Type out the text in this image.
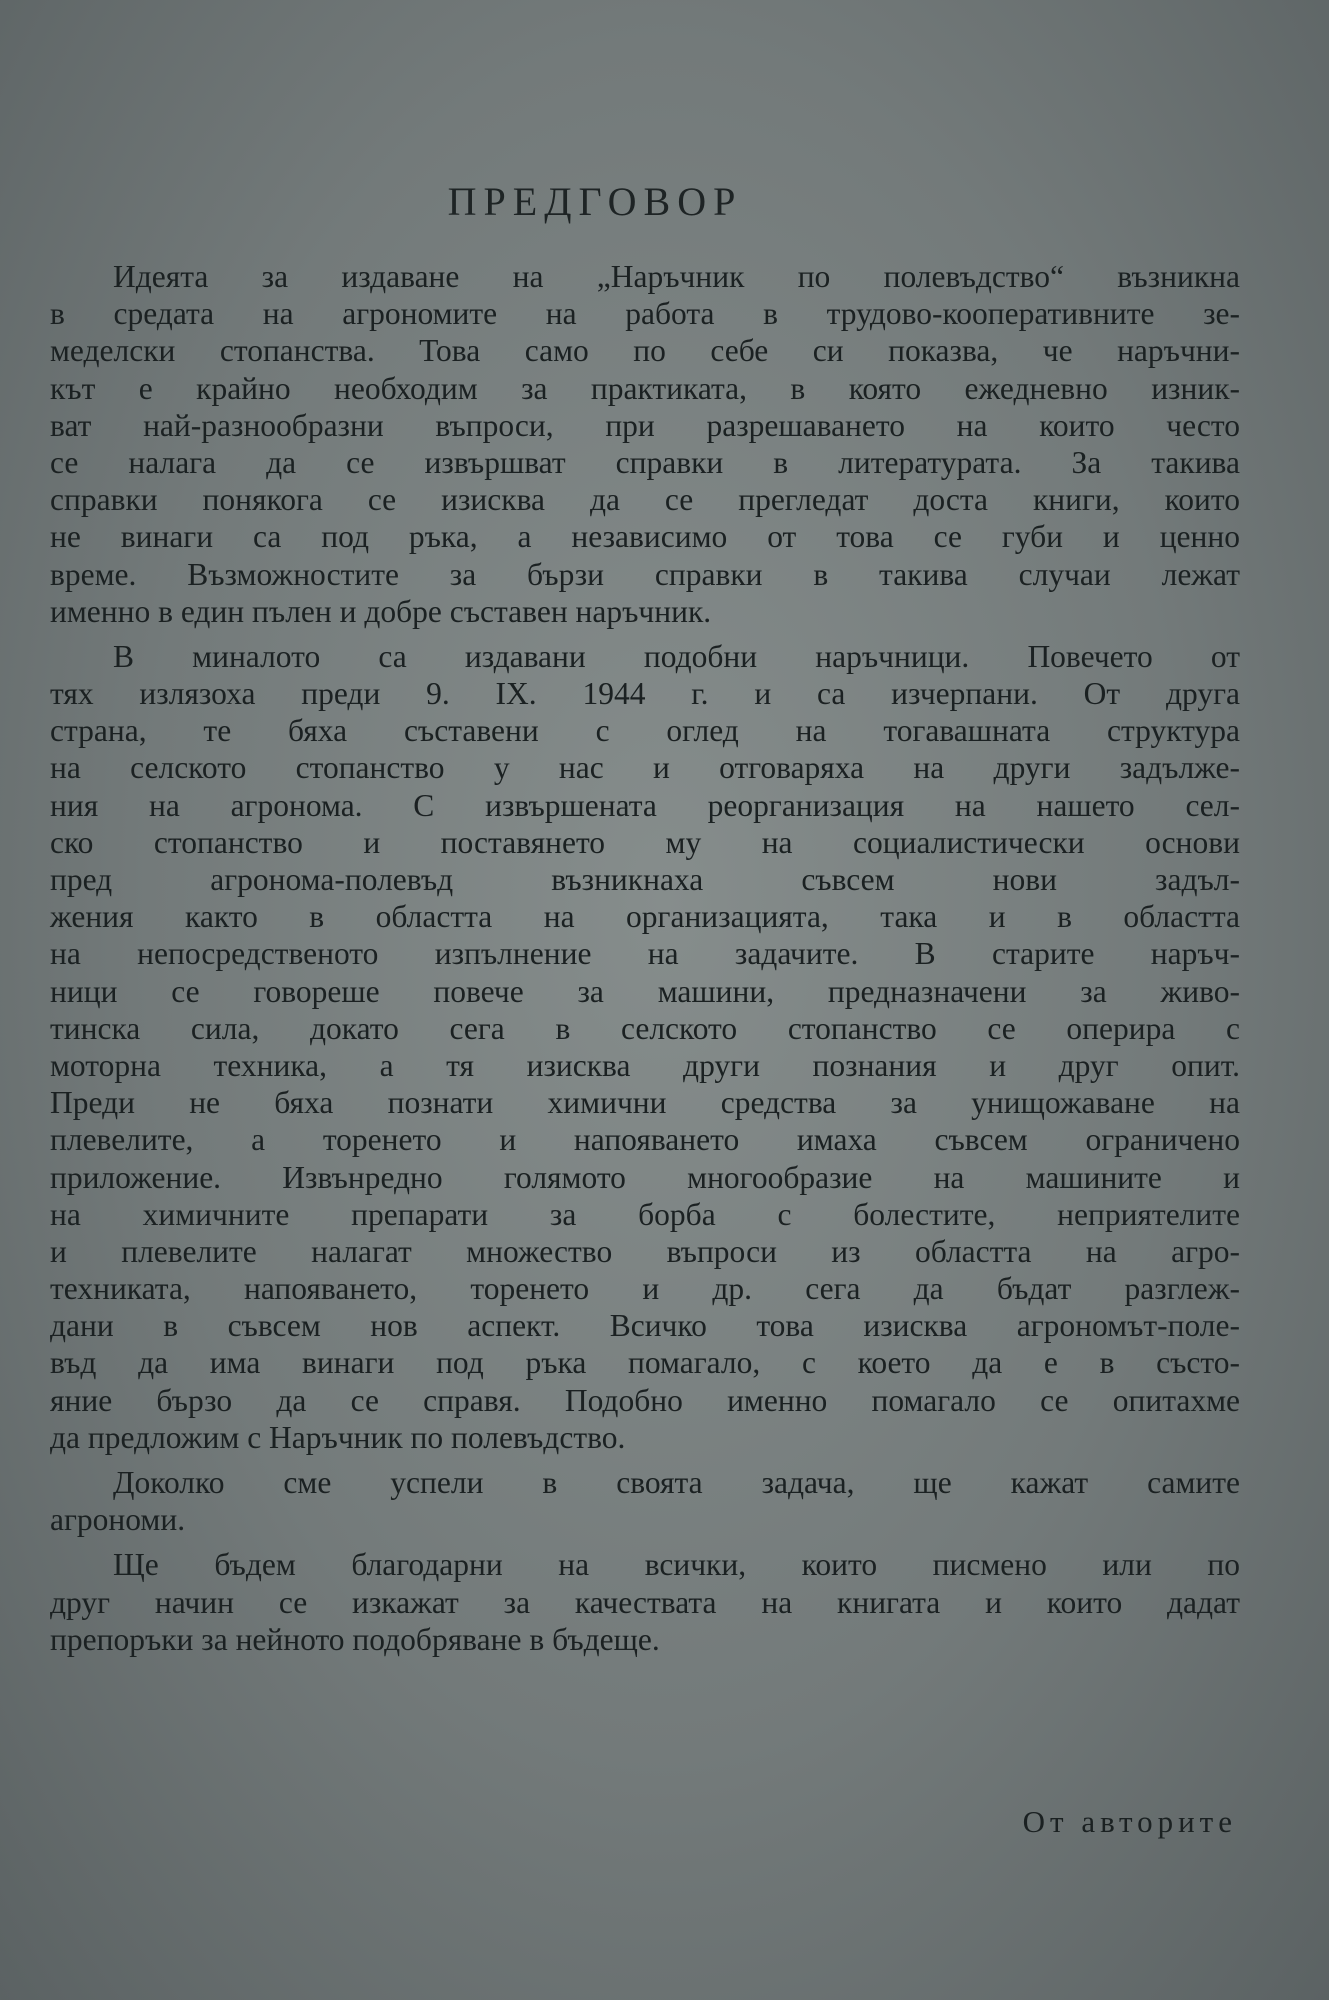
ПРЕДГОВОР
Идеята за издаване на „Наръчник по полевъдство“ възникна
в средата на агрономите на работа в трудово-кооперативните зе-
меделски стопанства. Това само по себе си показва, че наръчни-
кът е крайно необходим за практиката, в която ежедневно изник-
ват най-разнообразни въпроси, при разрешаването на които често
се налага да се извършват справки в литературата. За такива
справки понякога се изисква да се прегледат доста книги, които
не винаги са под ръка, а независимо от това се губи и ценно
време. Възможностите за бързи справки в такива случаи лежат
именно в един пълен и добре съставен наръчник.
В миналото са издавани подобни наръчници. Повечето от
тях излязоха преди 9. IX. 1944 г. и са изчерпани. От друга
страна, те бяха съставени с оглед на тогавашната структура
на селското стопанство у нас и отговаряха на други задълже-
ния на агронома. С извършената реорганизация на нашето сел-
ско стопанство и поставянето му на социалистически основи
пред агронома-полевъд възникнаха съвсем нови задъл-
жения както в областта на организацията, така и в областта
на непосредственото изпълнение на задачите. В старите наръч-
ници се говореше повече за машини, предназначени за живо-
тинска сила, докато сега в селското стопанство се оперира с
моторна техника, а тя изисква други познания и друг опит.
Преди не бяха познати химични средства за унищожаване на
плевелите, а торенето и напояването имаха съвсем ограничено
приложение. Извънредно голямото многообразие на машините и
на химичните препарати за борба с болестите, неприятелите
и плевелите налагат множество въпроси из областта на агро-
техниката, напояването, торенето и др. сега да бъдат разглеж-
дани в съвсем нов аспект. Всичко това изисква агрономът-поле-
въд да има винаги под ръка помагало, с което да е в състо-
яние бързо да се справя. Подобно именно помагало се опитахме
да предложим с Наръчник по полевъдство.
Доколко сме успели в своята задача, ще кажат самите
агрономи.
Ще бъдем благодарни на всички, които писмено или по
друг начин се изкажат за качествата на книгата и които дадат
препоръки за нейното подобряване в бъдеще.
От авторите
